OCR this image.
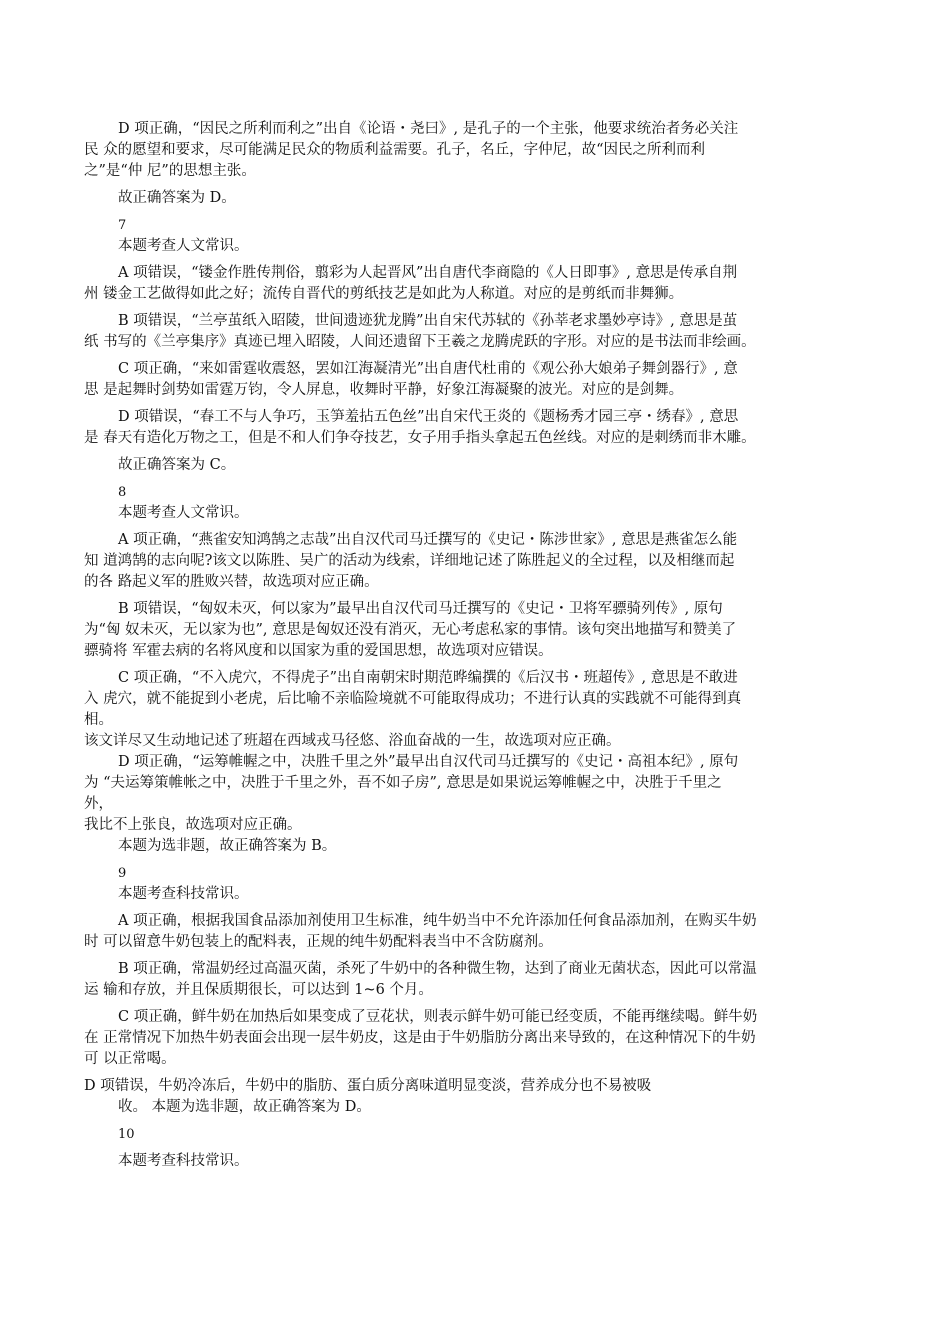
D 项正确，“因民之所利而利之”出自《论语・尧曰》, 是孔子的一个主张，他要求统治者务必关注

民 众的愿望和要求，尽可能满足民众的物质利益需要。孔子，名丘，字仲尼，故“因民之所利而利

之”是“仲 尼”的思想主张。

故正确答案为 D。

7

本题考查人文常识。

A 项错误，“镂金作胜传荆俗，翦彩为人起晋风”出自唐代李商隐的《人日即事》, 意思是传承自荆

州 镂金工艺做得如此之好；流传自晋代的剪纸技艺是如此为人称道。对应的是剪纸而非舞狮。

B 项错误，“兰亭茧纸入昭陵，世间遗迹犹龙腾”出自宋代苏轼的《孙莘老求墨妙亭诗》, 意思是茧

纸 书写的《兰亭集序》真迹已埋入昭陵，人间还遗留下王羲之龙腾虎跃的字形。对应的是书法而非绘画。

C 项正确，“来如雷霆收震怒，罢如江海凝清光”出自唐代杜甫的《观公孙大娘弟子舞剑器行》, 意

思 是起舞时剑势如雷霆万钧，令人屏息，收舞时平静，好象江海凝聚的波光。对应的是剑舞。

D 项错误，“春工不与人争巧，玉笋羞拈五色丝”出自宋代王炎的《题杨秀才园三亭・绣春》, 意思

是 春天有造化万物之工，但是不和人们争夺技艺，女子用手指头拿起五色丝线。对应的是刺绣而非木雕。

故正确答案为 C。

8

本题考查人文常识。

A 项正确，“燕雀安知鸿鹄之志哉”出自汉代司马迁撰写的《史记・陈涉世家》, 意思是燕雀怎么能

知 道鸿鹄的志向呢?该文以陈胜、吴广的活动为线索，详细地记述了陈胜起义的全过程，以及相继而起

的各 路起义军的胜败兴替，故选项对应正确。

B 项错误，“匈奴未灭，何以家为”最早出自汉代司马迁撰写的《史记・卫将军骠骑列传》, 原句

为“匈 奴未灭，无以家为也”, 意思是匈奴还没有消灭，无心考虑私家的事情。该句突出地描写和赞美了

骠骑将 军霍去病的名将风度和以国家为重的爱国思想，故选项对应错误。

C 项正确，“不入虎穴，不得虎子”出自南朝宋时期范晔编撰的《后汉书・班超传》, 意思是不敢进

入 虎穴，就不能捉到小老虎，后比喻不亲临险境就不可能取得成功；不进行认真的实践就不可能得到真

相。

该文详尽又生动地记述了班超在西域戎马径悠、浴血奋战的一生，故选项对应正确。

D 项正确，“运筹帷幄之中，决胜千里之外”最早出自汉代司马迁撰写的《史记・高祖本纪》, 原句

为 “夫运筹策帷帐之中，决胜于千里之外，吾不如子房”, 意思是如果说运筹帷幄之中，决胜于千里之

外，

我比不上张良，故选项对应正确。

本题为选非题，故正确答案为 B。

9

本题考查科技常识。

A 项正确，根据我国食品添加剂使用卫生标准，纯牛奶当中不允许添加任何食品添加剂，在购买牛奶

时 可以留意牛奶包装上的配料表，正规的纯牛奶配料表当中不含防腐剂。

B 项正确，常温奶经过高温灭菌，杀死了牛奶中的各种微生物，达到了商业无菌状态，因此可以常温

运 输和存放，并且保质期很长，可以达到 1~6 个月。

C 项正确，鲜牛奶在加热后如果变成了豆花状，则表示鲜牛奶可能已经变质，不能再继续喝。鲜牛奶

在 正常情况下加热牛奶表面会出现一层牛奶皮，这是由于牛奶脂肪分离出来导致的，在这种情况下的牛奶

可 以正常喝。

D 项错误，牛奶冷冻后，牛奶中的脂肪、蛋白质分离味道明显变淡，营养成分也不易被吸

收。 本题为选非题，故正确答案为 D。

10

本题考查科技常识。
